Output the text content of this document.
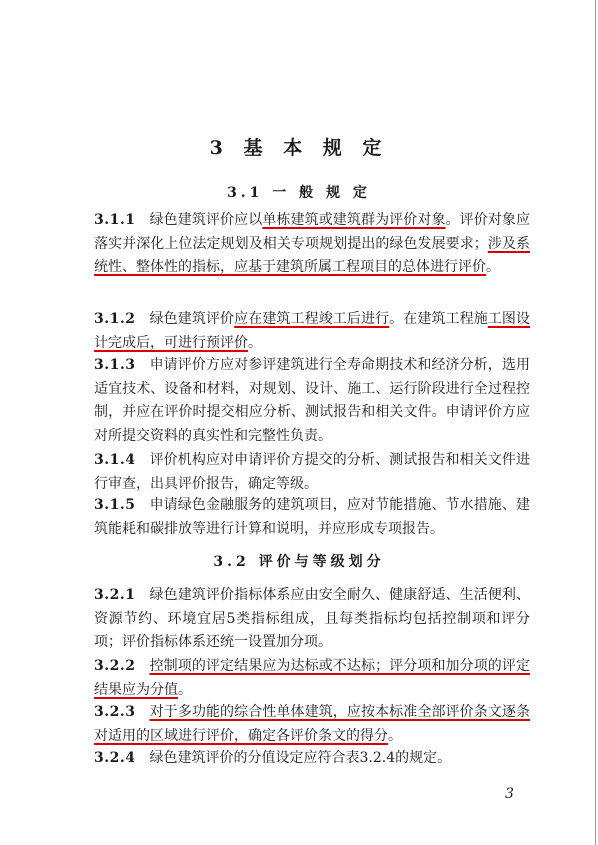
3 基 本 规 定
3.1 一 般 规 定
3.1.1 绿色建筑评价应以单栋建筑或建筑群为评价对象。评价对象应落实并深化上位法定规划及相关专项规划提出的绿色发展要求；涉及系统性、整体性的指标，应基于建筑所属工程项目的总体进行评价。
3.1.2 绿色建筑评价应在建筑工程竣工后进行。在建筑工程施工图设计完成后，可进行预评价。
3.1.3 申请评价方应对参评建筑进行全寿命期技术和经济分析，选用适宜技术、设备和材料，对规划、设计、施工、运行阶段进行全过程控制，并应在评价时提交相应分析、测试报告和相关文件。申请评价方应对所提交资料的真实性和完整性负责。
3.1.4 评价机构应对申请评价方提交的分析、测试报告和相关文件进行审查，出具评价报告，确定等级。
3.1.5 申请绿色金融服务的建筑项目，应对节能措施、节水措施、建筑能耗和碳排放等进行计算和说明，并应形成专项报告。
3.2 评价与等级划分
3.2.1 绿色建筑评价指标体系应由安全耐久、健康舒适、生活便利、资源节约、环境宜居5类指标组成，且每类指标均包括控制项和评分项；评价指标体系还统一设置加分项。
3.2.2 控制项的评定结果应为达标或不达标；评分项和加分项的评定结果应为分值。
3.2.3 对于多功能的综合性单体建筑，应按本标准全部评价条文逐条对适用的区域进行评价，确定各评价条文的得分。
3.2.4 绿色建筑评价的分值设定应符合表3.2.4的规定。
3
